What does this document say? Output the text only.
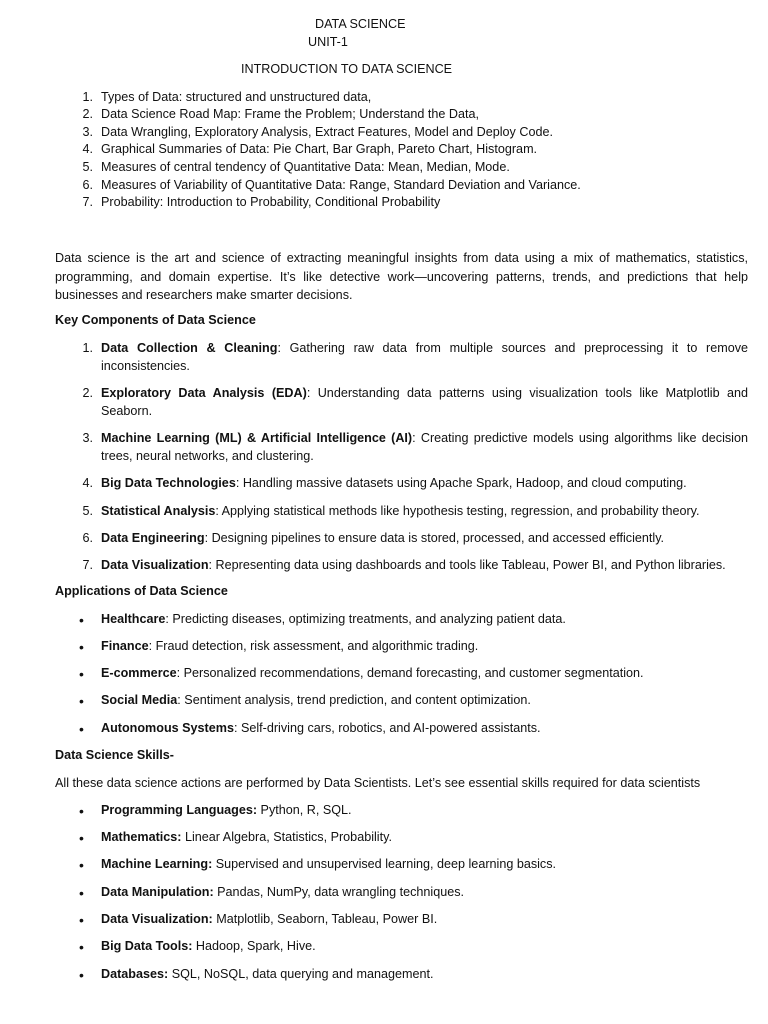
DATA SCIENCE
UNIT-1
INTRODUCTION TO DATA SCIENCE
1. Types of Data: structured and unstructured data,
2. Data Science Road Map: Frame the Problem; Understand the Data,
3. Data Wrangling, Exploratory Analysis, Extract Features, Model and Deploy Code.
4. Graphical Summaries of Data: Pie Chart, Bar Graph, Pareto Chart, Histogram.
5. Measures of central tendency of Quantitative Data: Mean, Median, Mode.
6. Measures of Variability of Quantitative Data: Range, Standard Deviation and Variance.
7. Probability: Introduction to Probability, Conditional Probability
Data science is the art and science of extracting meaningful insights from data using a mix of mathematics, statistics, programming, and domain expertise. It’s like detective work—uncovering patterns, trends, and predictions that help businesses and researchers make smarter decisions.
Key Components of Data Science
1. Data Collection & Cleaning: Gathering raw data from multiple sources and preprocessing it to remove inconsistencies.
2. Exploratory Data Analysis (EDA): Understanding data patterns using visualization tools like Matplotlib and Seaborn.
3. Machine Learning (ML) & Artificial Intelligence (AI): Creating predictive models using algorithms like decision trees, neural networks, and clustering.
4. Big Data Technologies: Handling massive datasets using Apache Spark, Hadoop, and cloud computing.
5. Statistical Analysis: Applying statistical methods like hypothesis testing, regression, and probability theory.
6. Data Engineering: Designing pipelines to ensure data is stored, processed, and accessed efficiently.
7. Data Visualization: Representing data using dashboards and tools like Tableau, Power BI, and Python libraries.
Applications of Data Science
• Healthcare: Predicting diseases, optimizing treatments, and analyzing patient data.
• Finance: Fraud detection, risk assessment, and algorithmic trading.
• E-commerce: Personalized recommendations, demand forecasting, and customer segmentation.
• Social Media: Sentiment analysis, trend prediction, and content optimization.
• Autonomous Systems: Self-driving cars, robotics, and AI-powered assistants.
Data Science Skills-
All these data science actions are performed by Data Scientists. Let’s see essential skills required for data scientists
• Programming Languages: Python, R, SQL.
• Mathematics: Linear Algebra, Statistics, Probability.
• Machine Learning: Supervised and unsupervised learning, deep learning basics.
• Data Manipulation: Pandas, NumPy, data wrangling techniques.
• Data Visualization: Matplotlib, Seaborn, Tableau, Power BI.
• Big Data Tools: Hadoop, Spark, Hive.
• Databases: SQL, NoSQL, data querying and management.
